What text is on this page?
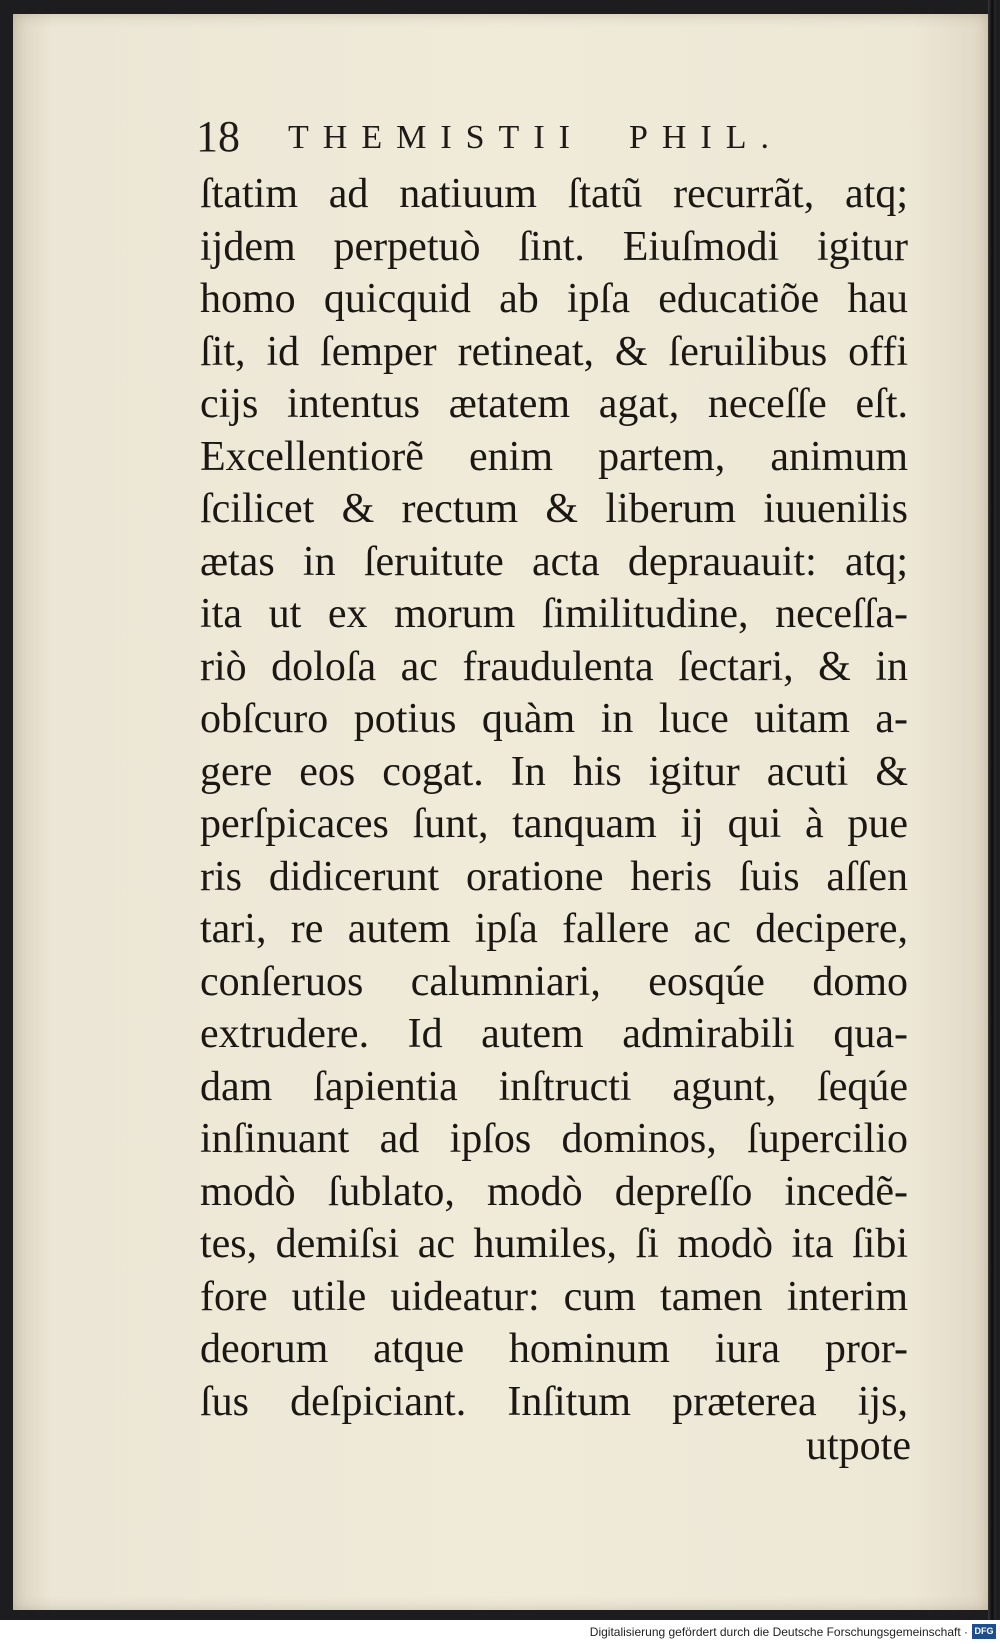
18 THEMISTII  PHIL.
ſtatim ad natiuum ſtatũ recurrãt, atq;
ijdem perpetuò ſint. Eiuſmodi igitur
homo quicquid ab ipſa educatiõe hau
ſit, id ſemper retineat, & ſeruilibus offi
cijs intentus ætatem agat, neceſſe eſt.
Excellentiorẽ enim partem, animum
ſcilicet & rectum & liberum iuuenilis
ætas in ſeruitute acta deprauauit: atq;
ita ut ex morum ſimilitudine, neceſſa-
riò doloſa ac fraudulenta ſectari, & in
obſcuro potius quàm in luce uitam a-
gere eos cogat. In his igitur acuti &
perſpicaces ſunt, tanquam ij qui à pue
ris didicerunt oratione heris ſuis aſſen
tari, re autem ipſa fallere ac decipere,
conſeruos calumniari, eosqúe domo
extrudere. Id autem admirabili qua-
dam ſapientia inſtructi agunt, ſeqúe
inſinuant ad ipſos dominos, ſupercilio
modò ſublato, modò depreſſo incedẽ-
tes, demiſsi ac humiles, ſi modò ita ſibi
fore utile uideatur: cum tamen interim
deorum atque hominum iura pror-
ſus deſpiciant. Inſitum præterea ijs,
utpote
Digitalisierung gefördert durch die Deutsche Forschungsgemeinschaft · DFG
